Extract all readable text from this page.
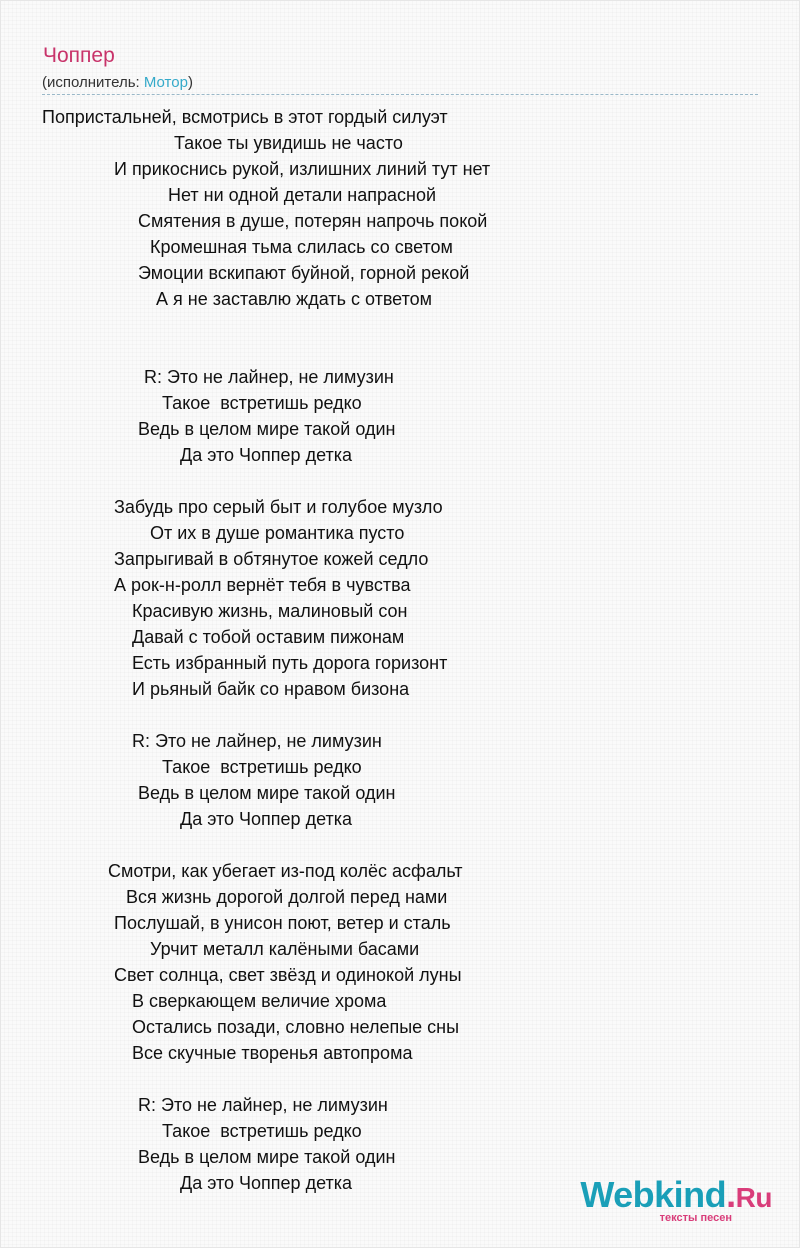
Чоппер
(исполнитель: Мотор)
Попристальней, всмотрись в этот гордый силуэт
Такое ты увидишь не часто
И прикоснись рукой, излишних линий тут нет
Нет ни одной детали напрасной
Смятения в душе, потерян напрочь покой
Кромешная тьма слилась со светом
Эмоции вскипают буйной, горной рекой
А я не заставлю ждать с ответом
R: Это не лайнер, не лимузин
Такое  встретишь редко
Ведь в целом мире такой один
Да это Чоппер детка
Забудь про серый быт и голубое музло
От их в душе романтика пусто
Запрыгивай в обтянутое кожей седло
А рок-н-ролл вернёт тебя в чувства
Красивую жизнь, малиновый сон
Давай с тобой оставим пижонам
Есть избранный путь дорога горизонт
И рьяный байк со нравом бизона
R: Это не лайнер, не лимузин
Такое  встретишь редко
Ведь в целом мире такой один
Да это Чоппер детка
Смотри, как убегает из-под колёс асфальт
Вся жизнь дорогой долгой перед нами
Послушай, в унисон поют, ветер и сталь
Урчит металл калёными басами
Свет солнца, свет звёзд и одинокой луны
В сверкающем величие хрома
Остались позади, словно нелепые сны
Все скучные творенья автопрома
R: Это не лайнер, не лимузин
Такое  встретишь редко
Ведь в целом мире такой один
Да это Чоппер детка	Webkind.Ru
тексты песен
